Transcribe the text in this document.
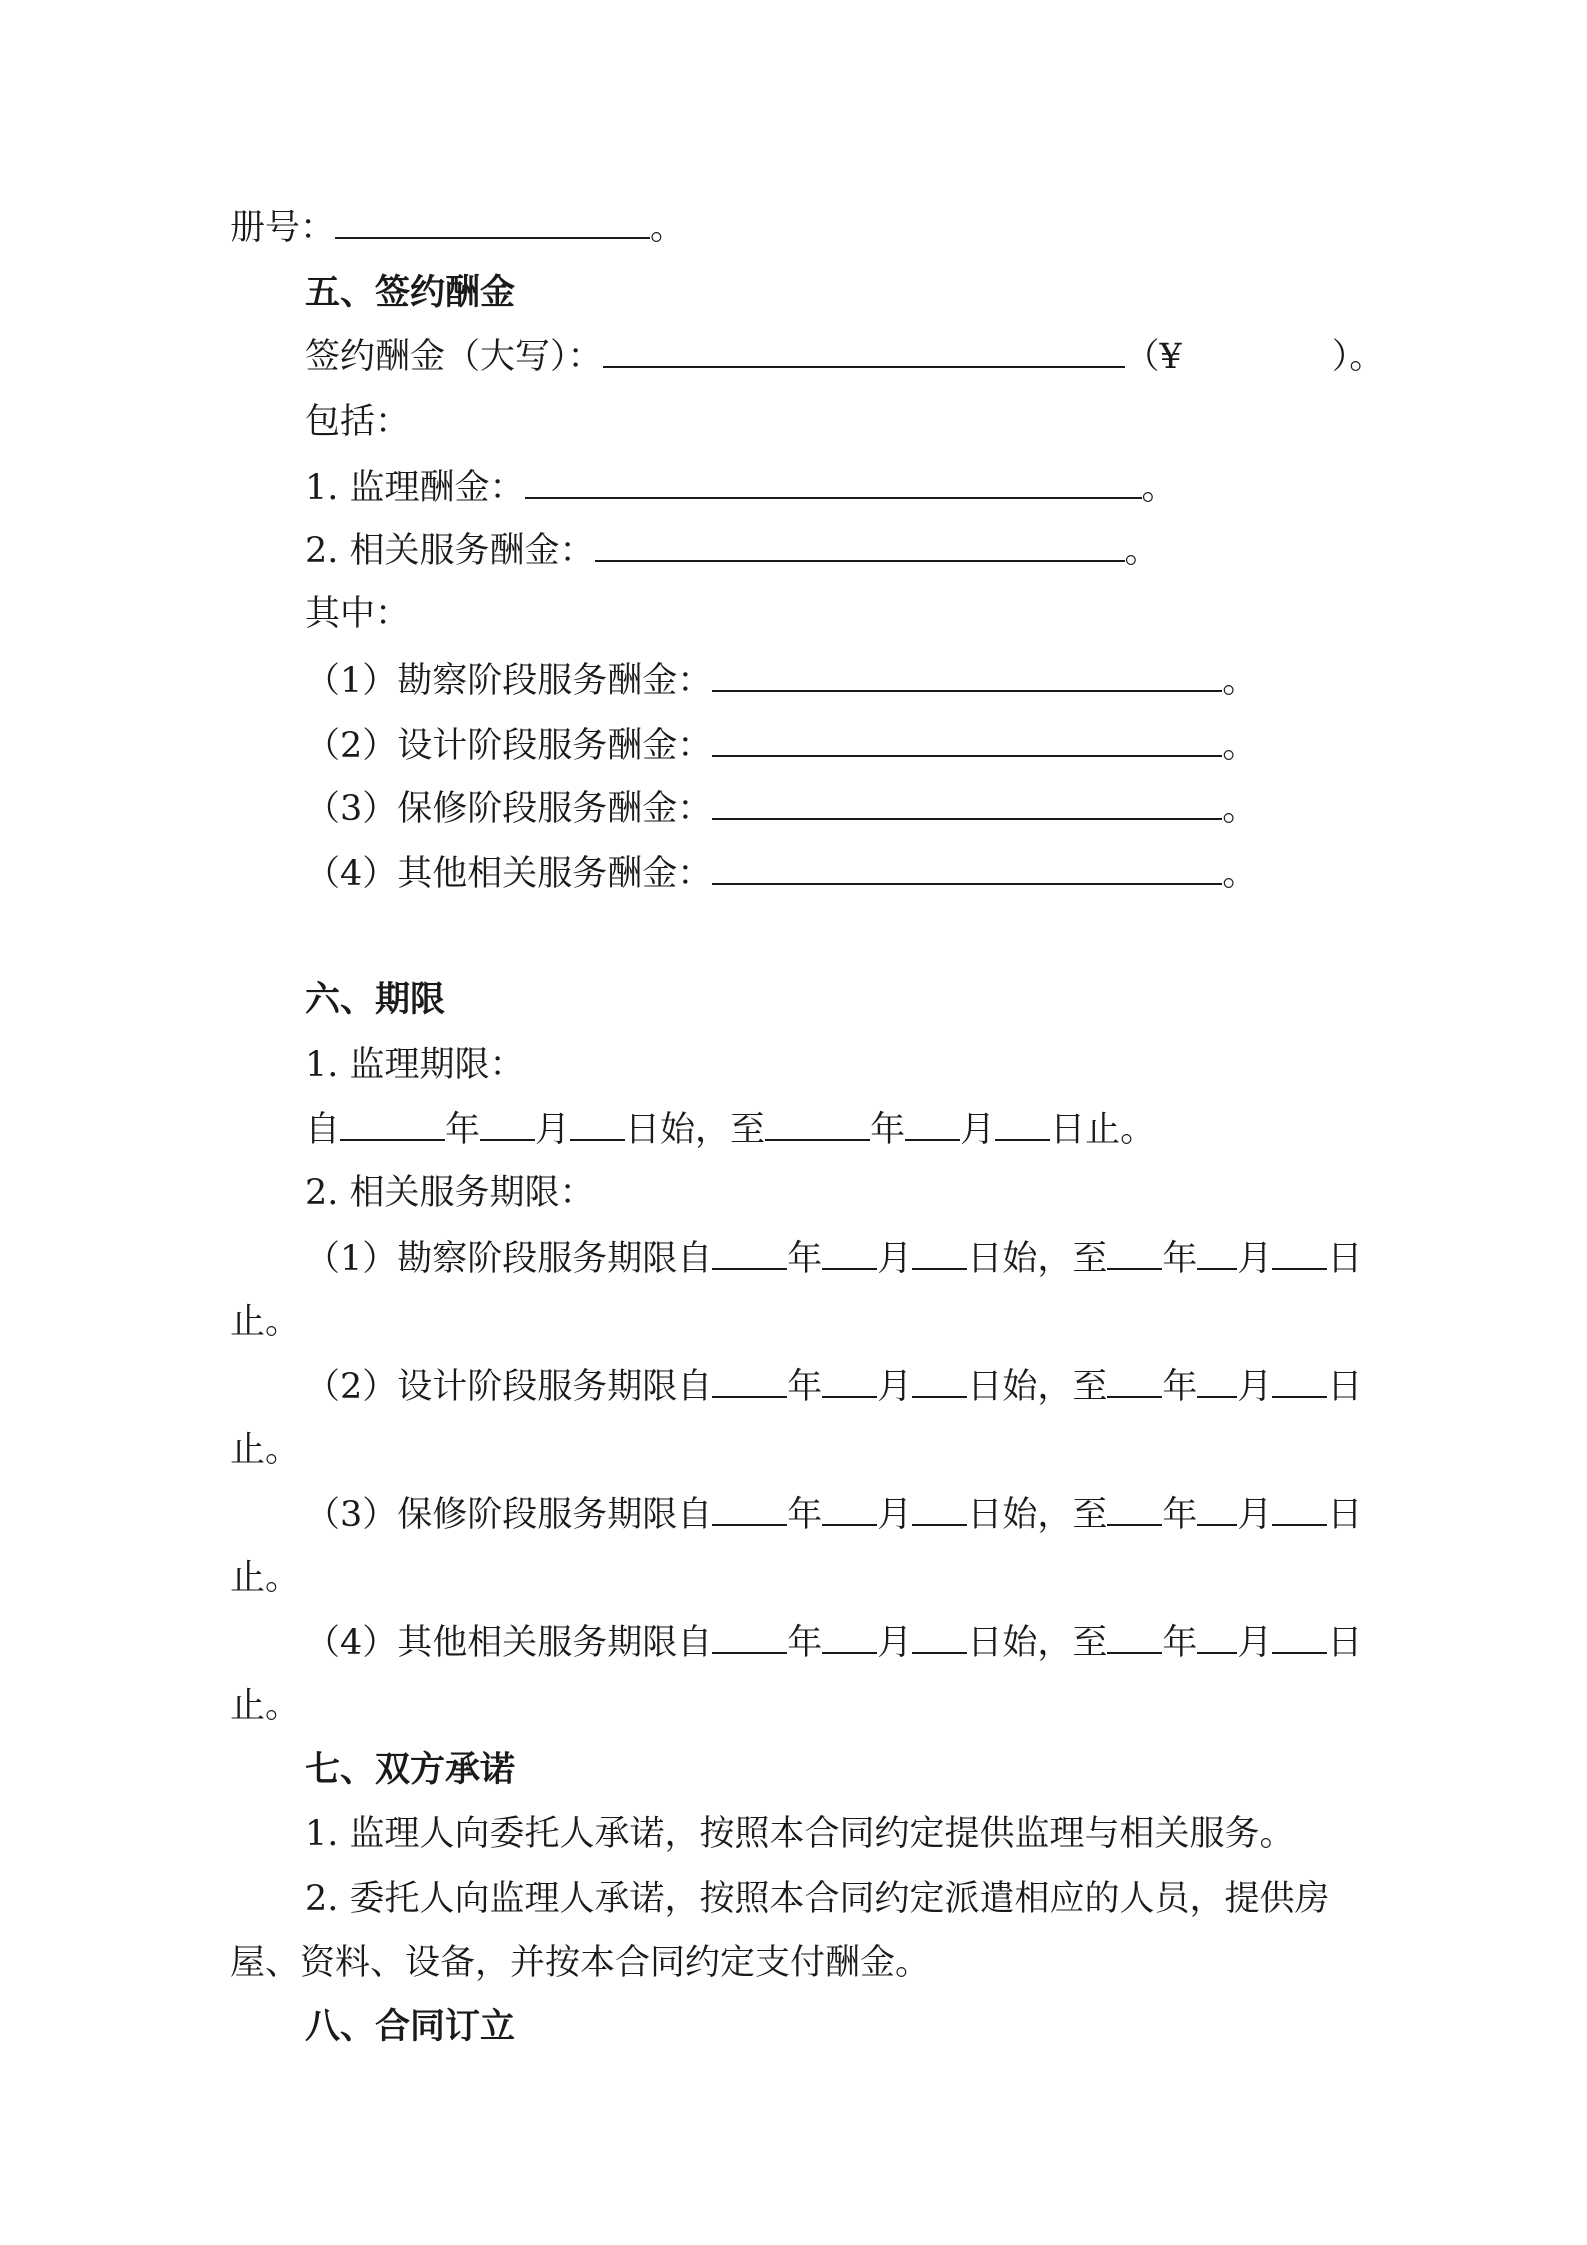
册号：	。
五、签约酬金
签约酬金（大写）：	（¥	）。
包括：
1. 监理酬金：	。
2. 相关服务酬金：	。
其中：
（1）勘察阶段服务酬金：	。
（2）设计阶段服务酬金：	。
（3）保修阶段服务酬金：	。
（4）其他相关服务酬金：	。
六、期限
1. 监理期限：
自	年 月 日始，至	年 月 日止。
2. 相关服务期限：
（1）勘察阶段服务期限自 年 月 日始，至 年 月 日
止。
（2）设计阶段服务期限自 年 月 日始，至 年 月 日
止。
（3）保修阶段服务期限自 年 月 日始，至 年 月 日
止。
（4）其他相关服务期限自 年 月 日始，至 年 月 日
止。
七、双方承诺
1. 监理人向委托人承诺，按照本合同约定提供监理与相关服务。
2. 委托人向监理人承诺，按照本合同约定派遣相应的人员，提供房
屋、资料、设备，并按本合同约定支付酬金。
八、合同订立
